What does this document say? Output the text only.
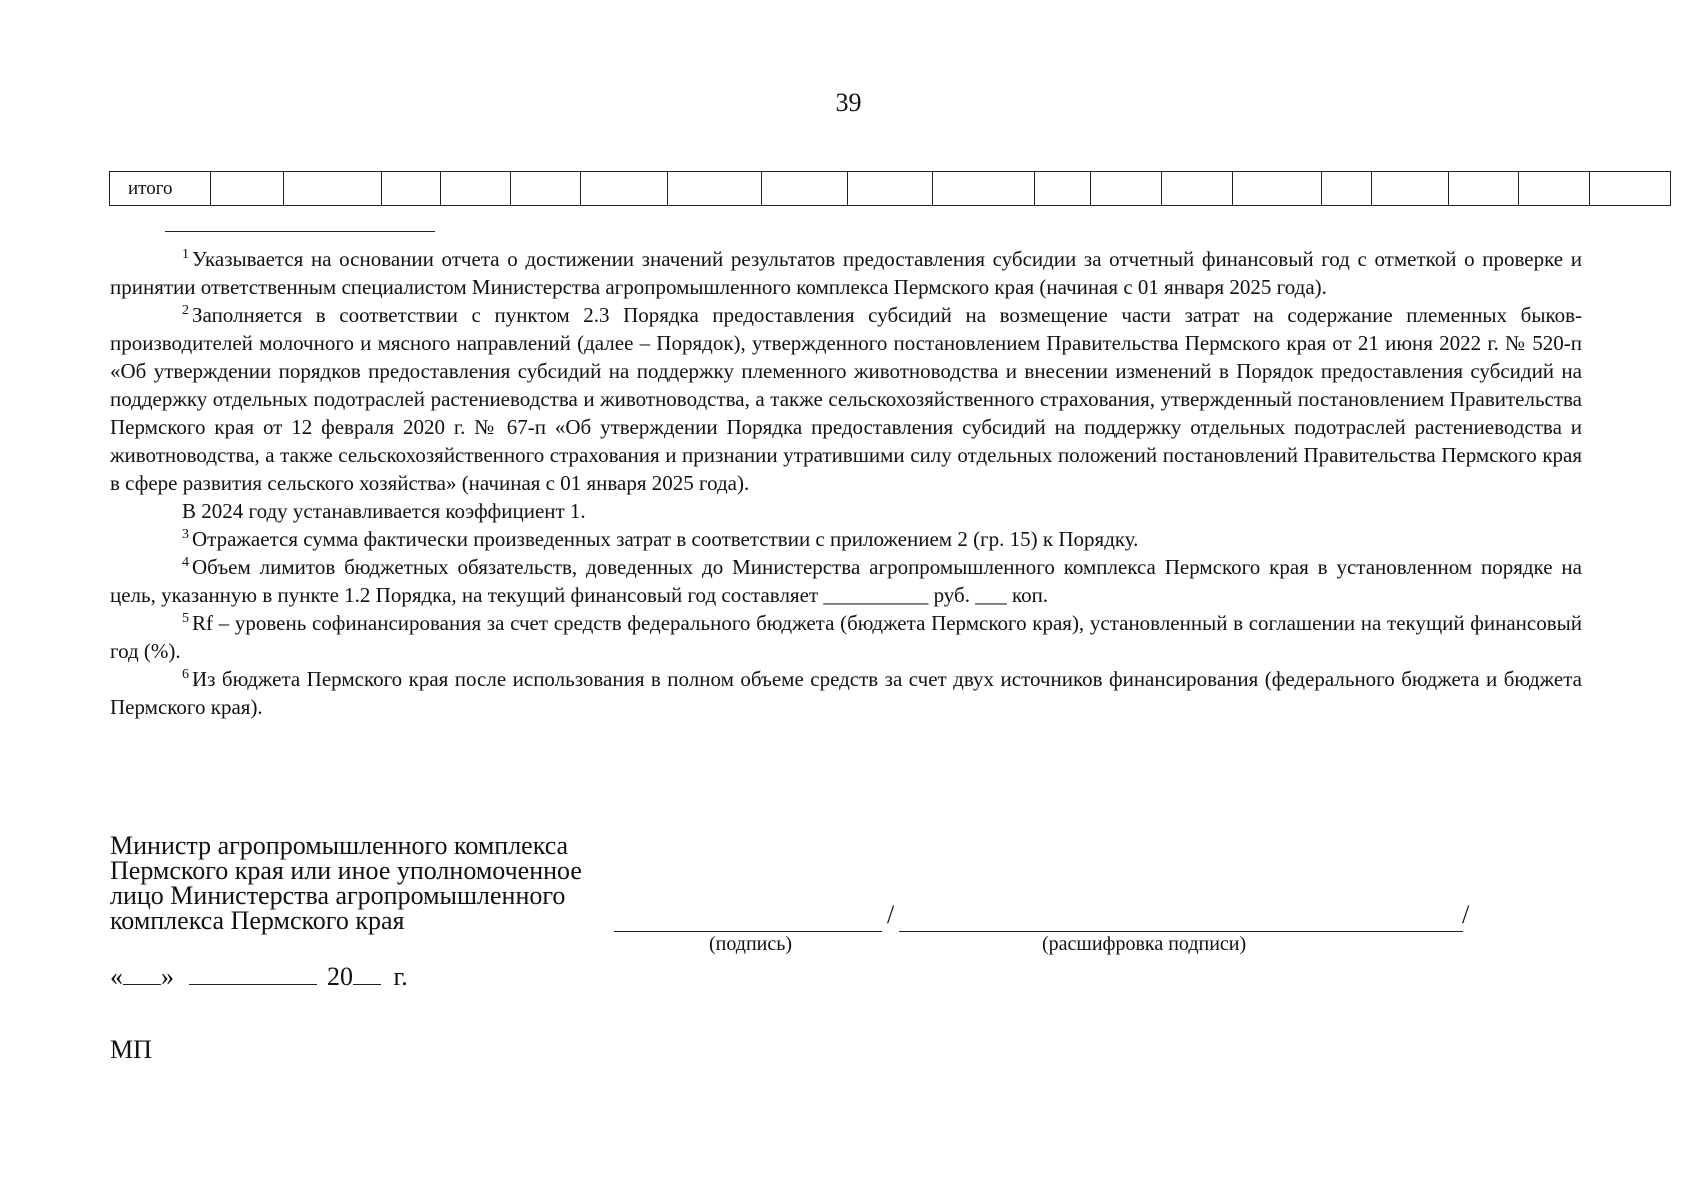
39
итого																			

$^1$ Указывается на основании отчета о достижении значений результатов предоставления субсидии за отчетный финансовый год с отметкой о проверке и принятии ответственным специалистом Министерства агропромышленного комплекса Пермского края (начиная с 01 января 2025 года).

$^2$ Заполняется в соответствии с пунктом 2.3 Порядка предоставления субсидий на возмещение части затрат на содержание племенных быков-производителей молочного и мясного направлений (далее – Порядок), утвержденного постановлением Правительства Пермского края от 21 июня 2022 г. № 520-п «Об утверждении порядков предоставления субсидий на поддержку племенного животноводства и внесении изменений в Порядок предоставления субсидий на поддержку отдельных подотраслей растениеводства и животноводства, а также сельскохозяйственного страхования, утвержденный постановлением Правительства Пермского края от 12 февраля 2020 г. № 67-п «Об утверждении Порядка предоставления субсидий на поддержку отдельных подотраслей растениеводства и животноводства, а также сельскохозяйственного страхования и признании утратившими силу отдельных положений постановлений Правительства Пермского края в сфере развития сельского хозяйства» (начиная с 01 января 2025 года).

В 2024 году устанавливается коэффициент 1.

$^3$ Отражается сумма фактически произведенных затрат в соответствии с приложением 2 (гр. 15) к Порядку.

$^4$ Объем лимитов бюджетных обязательств, доведенных до Министерства агропромышленного комплекса Пермского края в установленном порядке на цель, указанную в пункте 1.2 Порядка, на текущий финансовый год составляет __________ руб. ___ коп.

$^5$ Rf – уровень софинансирования за счет средств федерального бюджета (бюджета Пермского края), установленный в соглашении на текущий финансовый год (%).

$^6$ Из бюджета Пермского края после использования в полном объеме средств за счет двух источников финансирования (федерального бюджета и бюджета Пермского края).

Министр агропромышленного комплекса
Пермского края или иное уполномоченное
лицо Министерства агропромышленного
комплекса Пермского края	/	/
(подпись)	(расшифровка подписи)
« »	20 г.
МП
